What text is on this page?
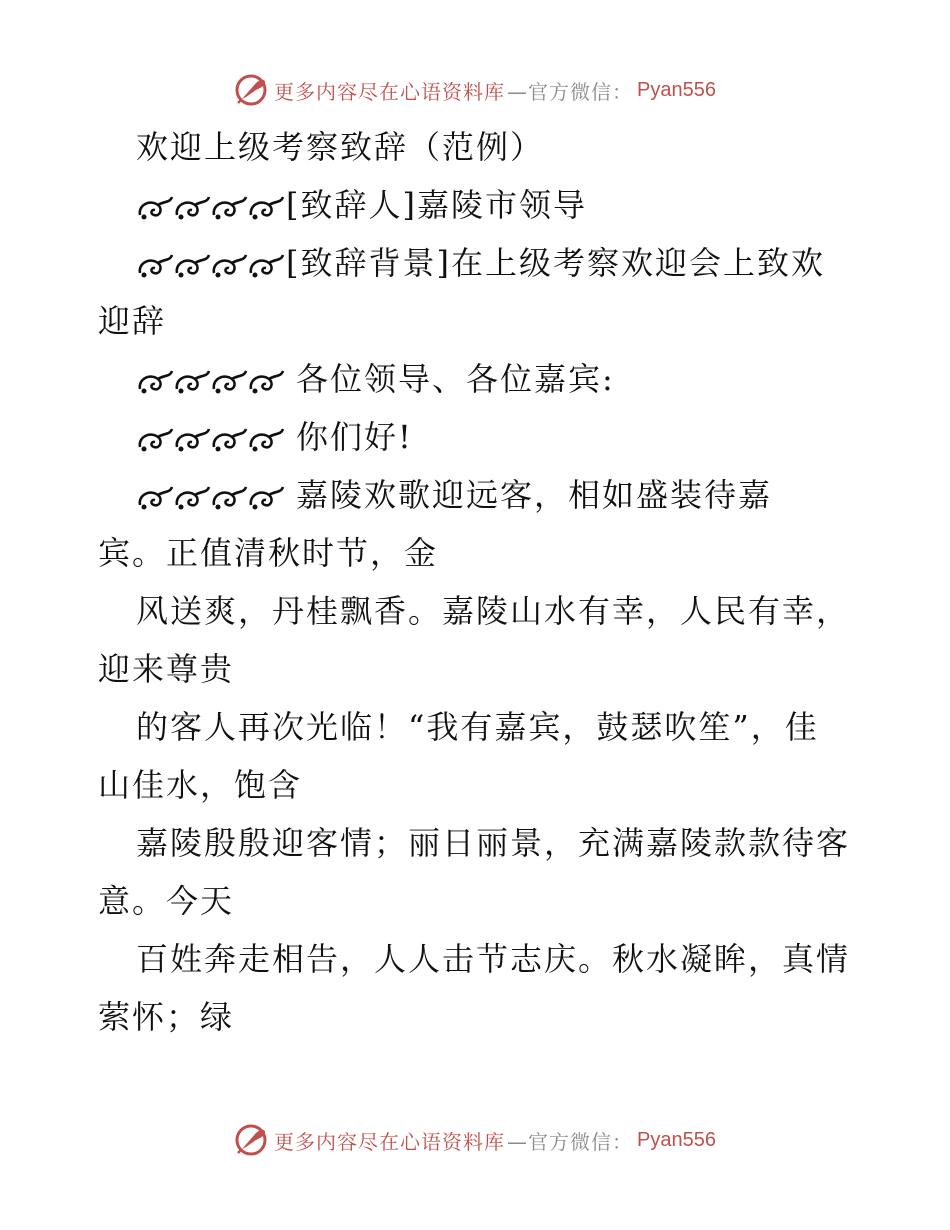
更多内容尽在心语资料库 —官方微信： Pyan556
欢迎上级考察致辞（范例）
[致辞人]嘉陵市领导
[致辞背景]在上级考察欢迎会上致欢
迎辞
各位领导、各位嘉宾:
你们好!
嘉陵欢歌迎远客，相如盛装待嘉
宾。正值清秋时节，金
风送爽，丹桂飘香。嘉陵山水有幸，人民有幸，
迎来尊贵
的客人再次光临！“我有嘉宾，鼓瑟吹笙”，佳
山佳水，饱含
嘉陵殷殷迎客情；丽日丽景，充满嘉陵款款待客
意。今天
百姓奔走相告，人人击节志庆。秋水凝眸，真情
萦怀；绿
更多内容尽在心语资料库 —官方微信： Pyan556
